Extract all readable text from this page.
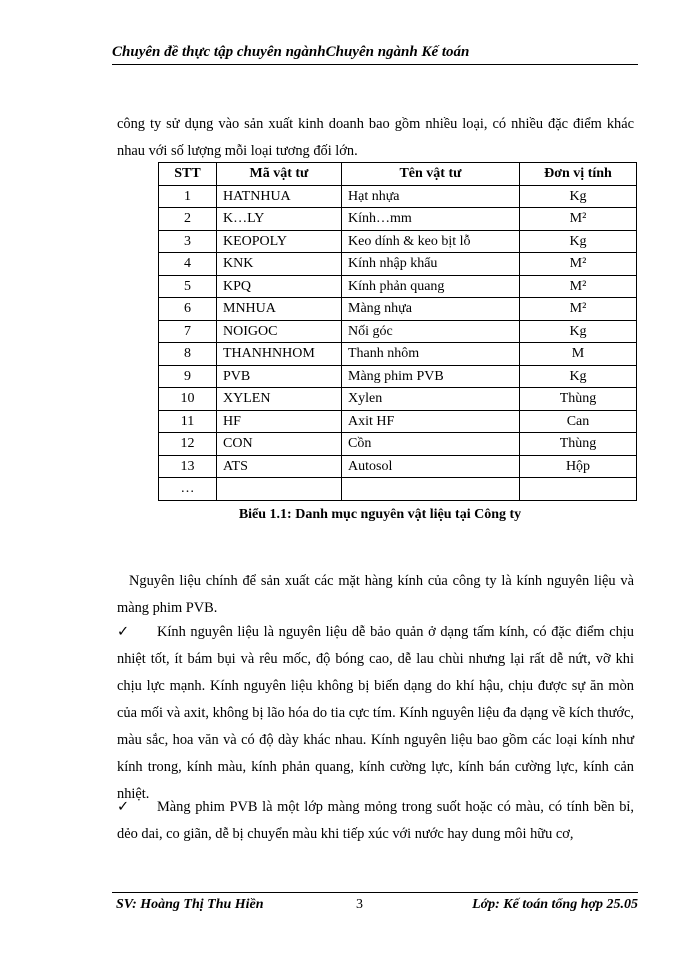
Chuyên đề thực tập chuyên ngànhChuyên ngành Kế toán
công ty sử dụng vào sản xuất kinh doanh bao gồm nhiều loại, có nhiều đặc điểm khác nhau với số lượng mỗi loại tương đối lớn.
STT	Mã vật tư	Tên vật tư	Đơn vị tính
1	HATNHUA	Hạt nhựa	Kg
2	K…LY	Kính…mm	M²
3	KEOPOLY	Keo dính & keo bịt lỗ	Kg
4	KNK	Kính nhập khẩu	M²
5	KPQ	Kính phản quang	M²
6	MNHUA	Màng nhựa	M²
7	NOIGOC	Nối góc	Kg
8	THANHNHOM	Thanh nhôm	M
9	PVB	Màng phim PVB	Kg
10	XYLEN	Xylen	Thùng
11	HF	Axit HF	Can
12	CON	Cồn	Thùng
13	ATS	Autosol	Hộp
…			
Biểu 1.1: Danh mục nguyên vật liệu tại Công ty
Nguyên liệu chính để sản xuất các mặt hàng kính của công ty là kính nguyên liệu và màng phim PVB.
✓ Kính nguyên liệu là nguyên liệu dễ bảo quản ở dạng tấm kính, có đặc điểm chịu nhiệt tốt, ít bám bụi và rêu mốc, độ bóng cao, dễ lau chùi nhưng lại rất dễ nứt, vỡ khi chịu lực mạnh. Kính nguyên liệu không bị biến dạng do khí hậu, chịu được sự ăn mòn của mối và axit, không bị lão hóa do tia cực tím. Kính nguyên liệu đa dạng về kích thước, màu sắc, hoa văn và có độ dày khác nhau. Kính nguyên liệu bao gồm các loại kính như kính trong, kính màu, kính phản quang, kính cường lực, kính bán cường lực, kính cản nhiệt.
✓ Màng phim PVB là một lớp màng mỏng trong suốt hoặc có màu, có tính bền bỉ, dẻo dai, co giãn, dễ bị chuyển màu khi tiếp xúc với nước hay dung môi hữu cơ,
SV: Hoàng Thị Thu Hiền	3	Lớp: Kế toán tổng hợp 25.05
